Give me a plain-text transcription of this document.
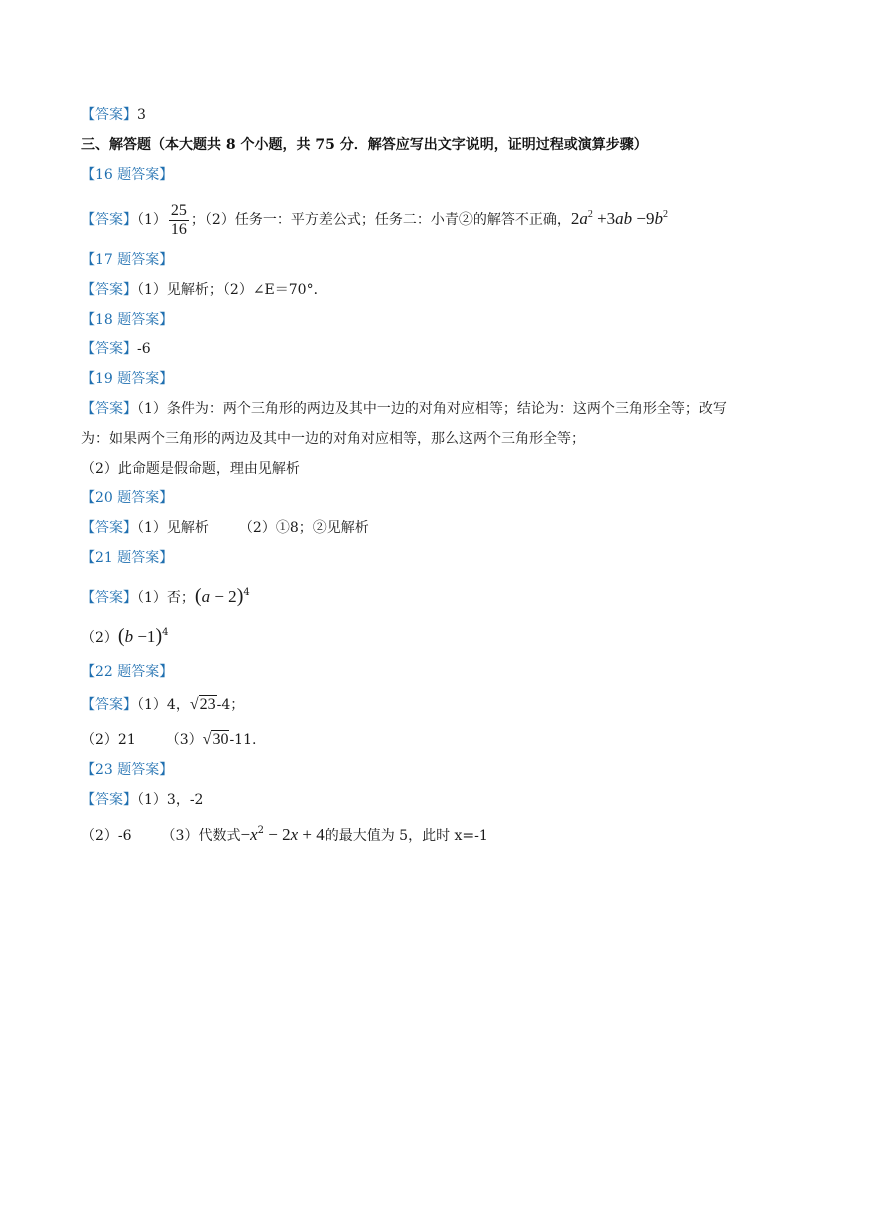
【答案】3
三、解答题（本大题共 8 个小题，共 75 分．解答应写出文字说明，证明过程或演算步骤）
【16 题答案】
【答案】$(1) \frac{25}{16}$ ；（2）任务一：平方差公式；任务二：小青②的解答不正确，$2a^2 +3ab -9b^2$
【17 题答案】
【答案】（1）见解析；（2）∠E＝70°．
【18 题答案】
【答案】-6
【19 题答案】
【答案】（1）条件为：两个三角形的两边及其中一边的对角对应相等；结论为：这两个三角形全等；改写
为：如果两个三角形的两边及其中一边的对角对应相等，那么这两个三角形全等；
（2）此命题是假命题，理由见解析
【20 题答案】
【答案】（1）见解析 （2）①8；②见解析
【21 题答案】
【答案】（1）否；$(a - 2)^4$
$(2)(b -1)^4$
【22 题答案】
【答案】（1）4，√23-4；
（2）21 （3）√30-11.
【23 题答案】
【答案】（1）3，-2
（2）-6 （3）代数式$-x^2 - 2x + 4$的最大值为 5，此时 x=-1
